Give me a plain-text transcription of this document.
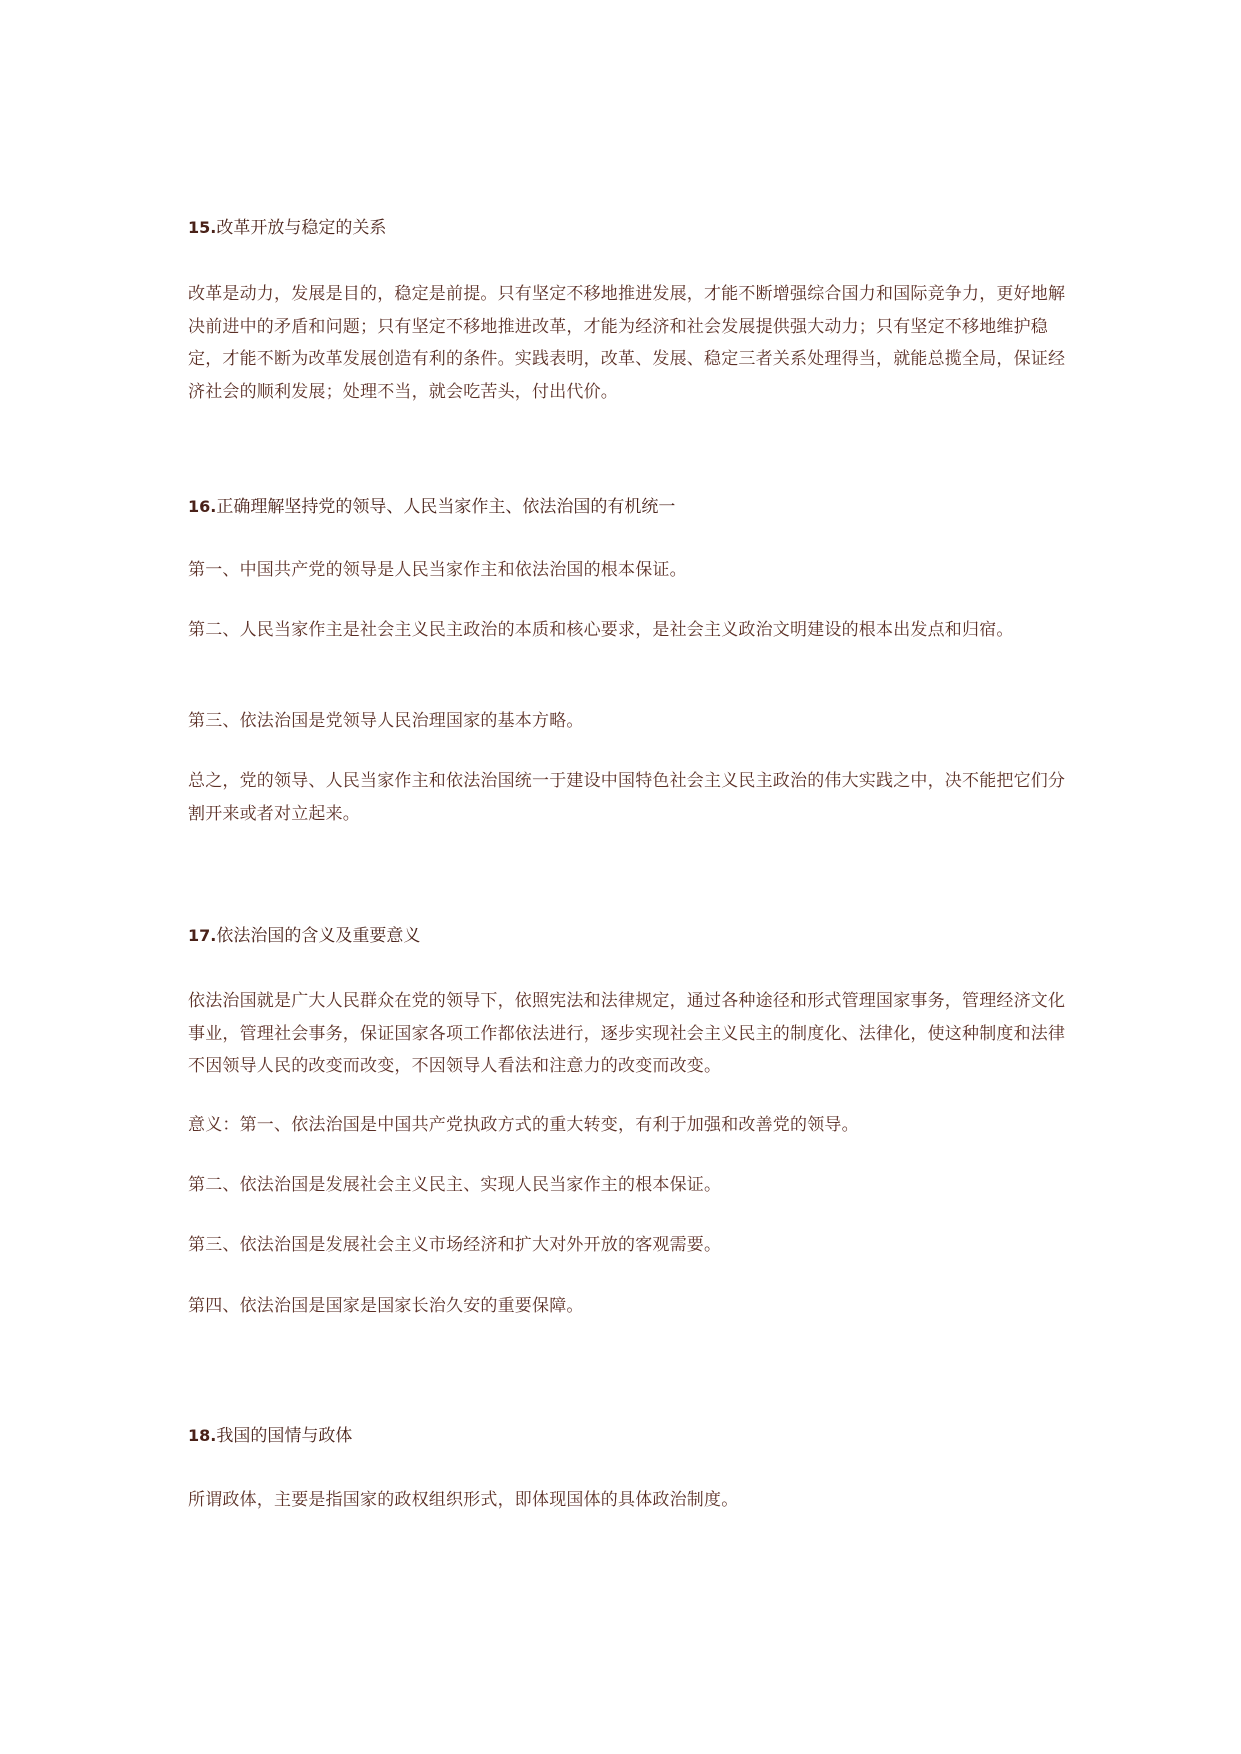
15.改革开放与稳定的关系

改革是动力，发展是目的，稳定是前提。只有坚定不移地推进发展，才能不断增强综合国力和国际竞争力，更好地解决前进中的矛盾和问题；只有坚定不移地推进改革，才能为经济和社会发展提供强大动力；只有坚定不移地维护稳定，才能不断为改革发展创造有利的条件。实践表明，改革、发展、稳定三者关系处理得当，就能总揽全局，保证经济社会的顺利发展；处理不当，就会吃苦头，付出代价。

16.正确理解坚持党的领导、人民当家作主、依法治国的有机统一

第一、中国共产党的领导是人民当家作主和依法治国的根本保证。

第二、人民当家作主是社会主义民主政治的本质和核心要求，是社会主义政治文明建设的根本出发点和归宿。

第三、依法治国是党领导人民治理国家的基本方略。

总之，党的领导、人民当家作主和依法治国统一于建设中国特色社会主义民主政治的伟大实践之中，决不能把它们分割开来或者对立起来。

17.依法治国的含义及重要意义

依法治国就是广大人民群众在党的领导下，依照宪法和法律规定，通过各种途径和形式管理国家事务，管理经济文化事业，管理社会事务，保证国家各项工作都依法进行，逐步实现社会主义民主的制度化、法律化，使这种制度和法律不因领导人民的改变而改变，不因领导人看法和注意力的改变而改变。

意义：第一、依法治国是中国共产党执政方式的重大转变，有利于加强和改善党的领导。

第二、依法治国是发展社会主义民主、实现人民当家作主的根本保证。

第三、依法治国是发展社会主义市场经济和扩大对外开放的客观需要。

第四、依法治国是国家是国家长治久安的重要保障。

18.我国的国情与政体

所谓政体，主要是指国家的政权组织形式，即体现国体的具体政治制度。
